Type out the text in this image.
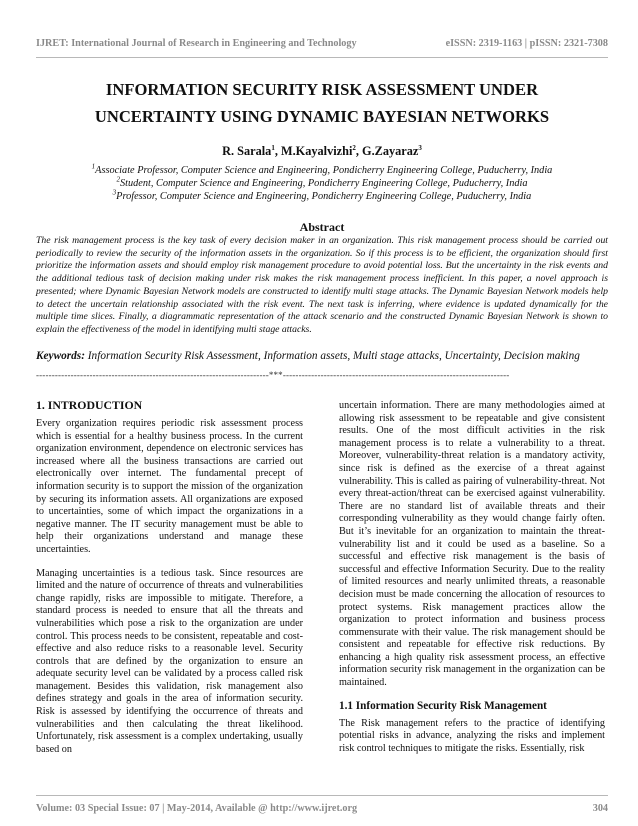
IJRET: International Journal of Research in Engineering and Technology	eISSN: 2319-1163 | pISSN: 2321-7308
INFORMATION SECURITY RISK ASSESSMENT UNDER
UNCERTAINTY USING DYNAMIC BAYESIAN NETWORKS
R. Sarala$^1$, M.Kayalvizhi$^2$, G.Zayaraz$^3$
$^1$Associate Professor, Computer Science and Engineering, Pondicherry Engineering College, Puducherry, India
$^2$Student, Computer Science and Engineering, Pondicherry Engineering College, Puducherry, India
$^3$Professor, Computer Science and Engineering, Pondicherry Engineering College, Puducherry, India
Abstract
The risk management process is the key task of every decision maker in an organization. This risk management process should be carried out periodically to review the security of the information assets in the organization. So if this process is to be efficient, the organization should first prioritize the information assets and should employ risk management procedure to avoid potential loss. But the uncertainty in the risk events and the additional tedious task of decision making under risk makes the risk management process inefficient. In this paper, a novel approach is presented; where Dynamic Bayesian Network models are constructed to identify multi stage attacks. The Dynamic Bayesian Network models help to detect the uncertain relationship associated with the risk event. The next task is inferring, where evidence is updated dynamically for the multiple time slices. Finally, a diagrammatic representation of the attack scenario and the constructed Dynamic Bayesian Network is shown to explain the effectiveness of the model in identifying multi stage attacks.
Keywords: Information Security Risk Assessment, Information assets, Multi stage attacks, Uncertainty, Decision making
--------------------------------------------------------------------------***------------------------------------------------------------------------
1. INTRODUCTION
Every organization requires periodic risk assessment process which is essential for a healthy business process. In the current organization environment, dependence on electronic services has increased where all the business transactions are carried out electronically over internet. The fundamental precept of information security is to support the mission of the organization by securing its information assets. All organizations are exposed to uncertainties, some of which impact the organizations in a negative manner. The IT security management must be able to help their organizations understand and manage these uncertainties.
Managing uncertainties is a tedious task. Since resources are limited and the nature of occurrence of threats and vulnerabilities change rapidly, risks are impossible to mitigate. Therefore, a standard process is needed to ensure that all the threats and vulnerabilities which pose a risk to the organization are under control. This process needs to be consistent, repeatable and cost-effective and also reduce risks to a reasonable level. Security controls that are defined by the organization to ensure an adequate security level can be validated by a process called risk management. Besides this validation, risk management also defines strategy and goals in the area of information security. Risk is assessed by identifying the occurrence of threats and vulnerabilities and then calculating the threat likelihood. Unfortunately, risk assessment is a complex undertaking, usually based on
uncertain information. There are many methodologies aimed at allowing risk assessment to be repeatable and give consistent results. One of the most difficult activities in the risk management process is to relate a vulnerability to a threat. Moreover, vulnerability-threat relation is a mandatory activity, since risk is defined as the exercise of a threat against vulnerability. This is called as pairing of vulnerability-threat. Not every threat-action/threat can be exercised against vulnerability. There are no standard list of available threats and their corresponding vulnerability as they would change fairly often. But it’s inevitable for an organization to maintain the threat-vulnerability list and it could be used as a baseline. So a successful and effective risk management is the basis of successful and effective Information Security. Due to the reality of limited resources and nearly unlimited threats, a reasonable decision must be made concerning the allocation of resources to protect systems. Risk management practices allow the organization to protect information and business process commensurate with their value. The risk management should be consistent and repeatable for effective risk reductions. By enhancing a high quality risk assessment process, an effective information security risk management in the organization can be maintained.
1.1 Information Security Risk Management
The Risk management refers to the practice of identifying potential risks in advance, analyzing the risks and implement risk control techniques to mitigate the risks. Essentially, risk
Volume: 03 Special Issue: 07 | May-2014, Available @ http://www.ijret.org	304
